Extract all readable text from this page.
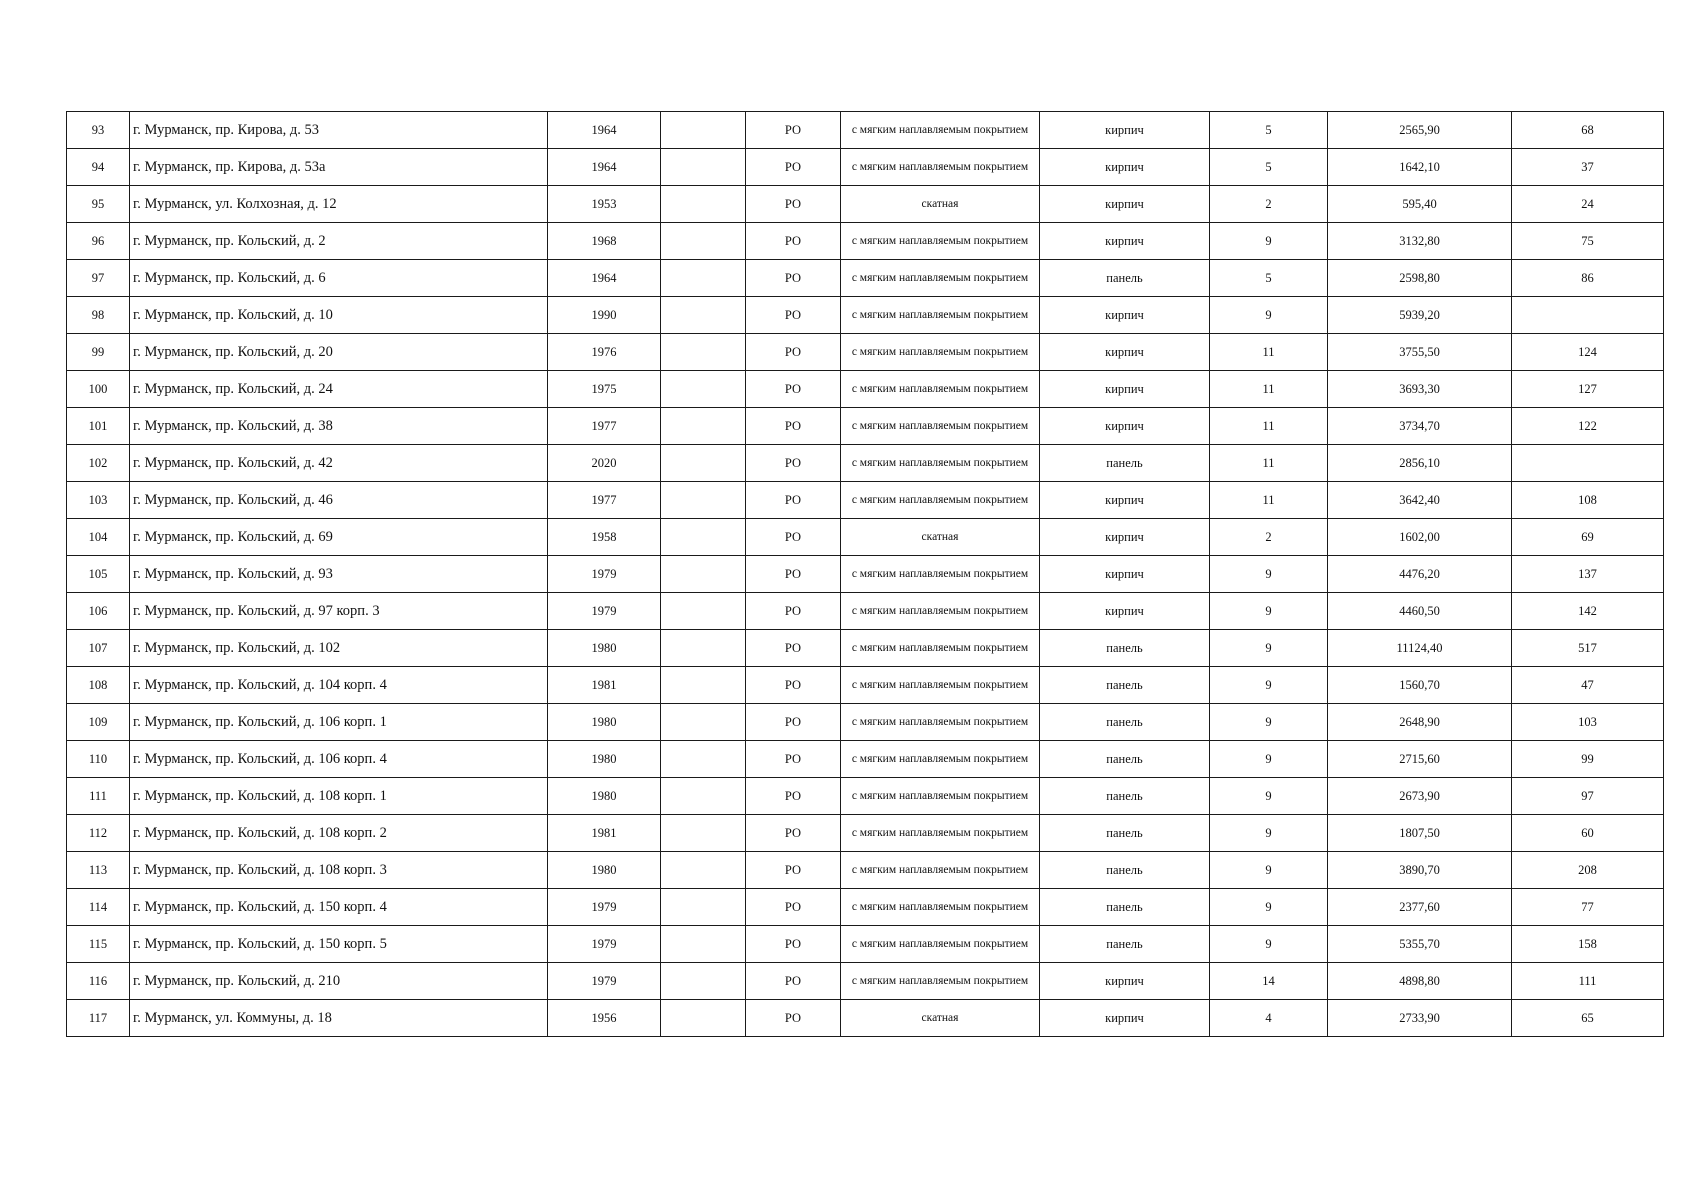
93	г. Мурманск, пр. Кирова, д. 53	1964		РО	с мягким наплавляемым покрытием	кирпич	5	2565,90	68
94	г. Мурманск, пр. Кирова, д. 53а	1964		РО	с мягким наплавляемым покрытием	кирпич	5	1642,10	37
95	г. Мурманск, ул. Колхозная, д. 12	1953		РО	скатная	кирпич	2	595,40	24
96	г. Мурманск, пр. Кольский, д. 2	1968		РО	с мягким наплавляемым покрытием	кирпич	9	3132,80	75
97	г. Мурманск, пр. Кольский, д. 6	1964		РО	с мягким наплавляемым покрытием	панель	5	2598,80	86
98	г. Мурманск, пр. Кольский, д. 10	1990		РО	с мягким наплавляемым покрытием	кирпич	9	5939,20	
99	г. Мурманск, пр. Кольский, д. 20	1976		РО	с мягким наплавляемым покрытием	кирпич	11	3755,50	124
100	г. Мурманск, пр. Кольский, д. 24	1975		РО	с мягким наплавляемым покрытием	кирпич	11	3693,30	127
101	г. Мурманск, пр. Кольский, д. 38	1977		РО	с мягким наплавляемым покрытием	кирпич	11	3734,70	122
102	г. Мурманск, пр. Кольский, д. 42	2020		РО	с мягким наплавляемым покрытием	панель	11	2856,10	
103	г. Мурманск, пр. Кольский, д. 46	1977		РО	с мягким наплавляемым покрытием	кирпич	11	3642,40	108
104	г. Мурманск, пр. Кольский, д. 69	1958		РО	скатная	кирпич	2	1602,00	69
105	г. Мурманск, пр. Кольский, д. 93	1979		РО	с мягким наплавляемым покрытием	кирпич	9	4476,20	137
106	г. Мурманск, пр. Кольский, д. 97 корп. 3	1979		РО	с мягким наплавляемым покрытием	кирпич	9	4460,50	142
107	г. Мурманск, пр. Кольский, д. 102	1980		РО	с мягким наплавляемым покрытием	панель	9	11124,40	517
108	г. Мурманск, пр. Кольский, д. 104 корп. 4	1981		РО	с мягким наплавляемым покрытием	панель	9	1560,70	47
109	г. Мурманск, пр. Кольский, д. 106 корп. 1	1980		РО	с мягким наплавляемым покрытием	панель	9	2648,90	103
110	г. Мурманск, пр. Кольский, д. 106 корп. 4	1980		РО	с мягким наплавляемым покрытием	панель	9	2715,60	99
111	г. Мурманск, пр. Кольский, д. 108 корп. 1	1980		РО	с мягким наплавляемым покрытием	панель	9	2673,90	97
112	г. Мурманск, пр. Кольский, д. 108 корп. 2	1981		РО	с мягким наплавляемым покрытием	панель	9	1807,50	60
113	г. Мурманск, пр. Кольский, д. 108 корп. 3	1980		РО	с мягким наплавляемым покрытием	панель	9	3890,70	208
114	г. Мурманск, пр. Кольский, д. 150 корп. 4	1979		РО	с мягким наплавляемым покрытием	панель	9	2377,60	77
115	г. Мурманск, пр. Кольский, д. 150 корп. 5	1979		РО	с мягким наплавляемым покрытием	панель	9	5355,70	158
116	г. Мурманск, пр. Кольский, д. 210	1979		РО	с мягким наплавляемым покрытием	кирпич	14	4898,80	111
117	г. Мурманск, ул. Коммуны, д. 18	1956		РО	скатная	кирпич	4	2733,90	65
